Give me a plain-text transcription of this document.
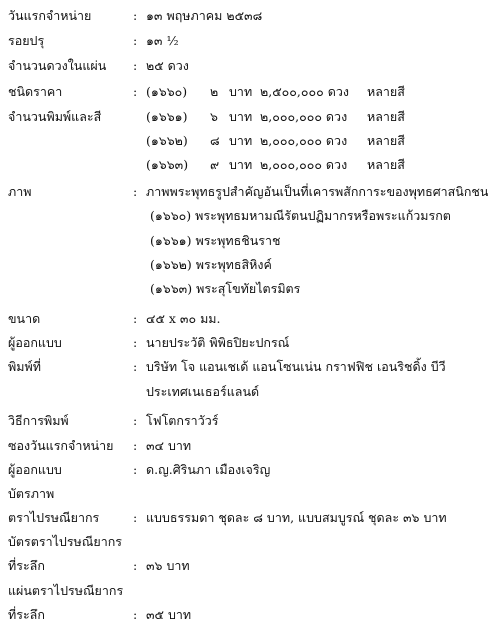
วันแรกจำหน่าย	: ๑๓ พฤษภาคม ๒๕๓๘
รอยปรุ	: ๑๓ ½
จำนวนดวงในแผ่น : ๒๕ ดวง
ชนิดราคา	: (๑๖๖๐) ๒ บาท ๒,๕๐๐,๐๐๐ ดวง หลายสี
จำนวนพิมพ์และสี	(๑๖๖๑) ๖ บาท ๒,๐๐๐,๐๐๐ ดวง หลายสี
(๑๖๖๒) ๘ บาท ๒,๐๐๐,๐๐๐ ดวง หลายสี
(๑๖๖๓) ๙ บาท ๒,๐๐๐,๐๐๐ ดวง หลายสี
ภาพ	: ภาพพระพุทธรูปสำคัญอันเป็นที่เคารพสักการะของพุทธศาสนิกชน
(๑๖๖๐) พระพุทธมหามณีรัตนปฏิมากรหรือพระแก้วมรกต
(๑๖๖๑) พระพุทธชินราช
(๑๖๖๒) พระพุทธสิหิงค์
(๑๖๖๓) พระสุโขทัยไตรมิตร
ขนาด	: ๔๕ x ๓๐ มม.
ผู้ออกแบบ	: นายประวัติ พิพิธปิยะปกรณ์
พิมพ์ที่	: บริษัท โจ แอนเชเด้ แอนโซนเน่น กราฟฟิช เอนริชดิ้ง บีวี
ประเทศเนเธอร์แลนด์
วิธีการพิมพ์	: โฟโตกราวัวร์
ซองวันแรกจำหน่าย : ๓๔ บาท
ผู้ออกแบบ	: ด.ญ.ศิรินภา เมืองเจริญ
บัตรภาพ
ตราไปรษณียากร	: แบบธรรมดา ชุดละ ๘ บาท, แบบสมบูรณ์ ชุดละ ๓๖ บาท
บัตรตราไปรษณียากร
ที่ระลึก	: ๓๖ บาท
แผ่นตราไปรษณียากร
ที่ระลึก	: ๓๕ บาท
